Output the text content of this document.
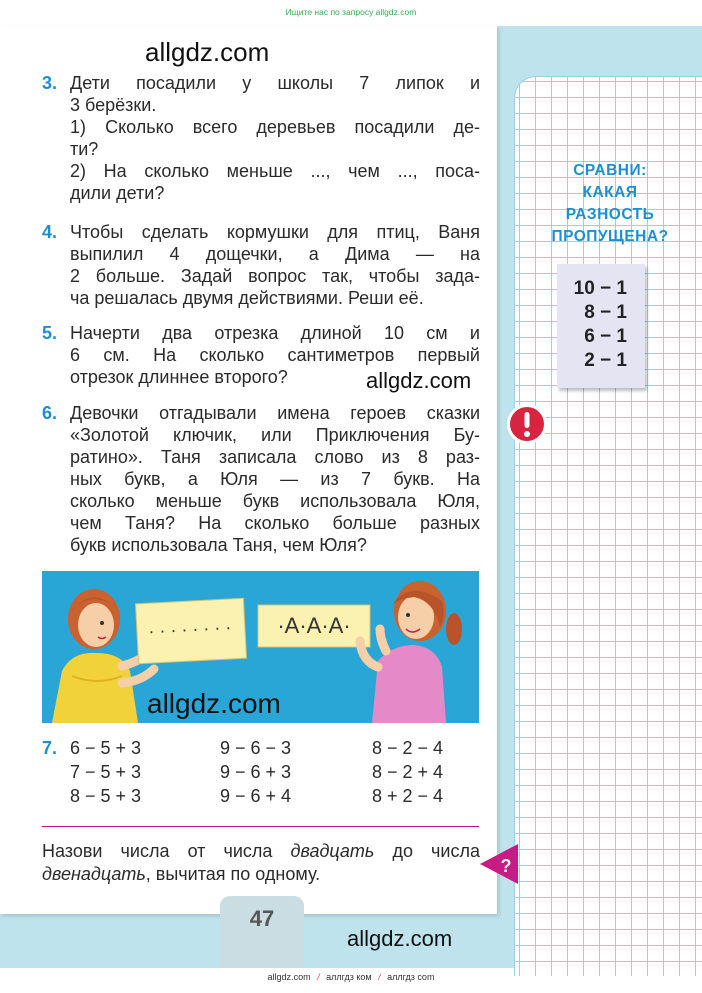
Ищите нас по запросу allgdz.com
3. Дети посадили у школы 7 липок и
3 берёзки.
1) Сколько всего деревьев посадили де-
ти?
2) На сколько меньше ..., чем ..., поса-
дили дети?
4. Чтобы сделать кормушки для птиц, Ваня
выпилил 4 дощечки, а Дима — на
2 больше. Задай вопрос так, чтобы зада-
ча решалась двумя действиями. Реши её.
5. Начерти два отрезка длиной 10 см и
6 см. На сколько сантиметров первый
отрезок длиннее второго?
6. Девочки отгадывали имена героев сказки
«Золотой ключик, или Приключения Бу-
ратино». Таня записала слово из 8 раз-
ных букв, а Юля — из 7 букв. На
сколько меньше букв использовала Юля,
чем Таня? На сколько больше разных
букв использовала Таня, чем Юля?
· · · · · · · · ·А·А·А·
7. 6 − 5 + 3
7 − 5 + 3
8 − 5 + 3
9 − 6 − 3
9 − 6 + 3
9 − 6 + 4
8 − 2 − 4
8 − 2 + 4
8 + 2 − 4
Назови числа от числа двадцать до числа
двенадцать, вычитая по одному.	?
СРАВНИ:
КАКАЯ
РАЗНОСТЬ
ПРОПУЩЕНА?
10 − 1
8 − 1
6 − 1
2 − 1
47
allgdz.com
allgdz.com
allgdz.com
allgdz.com
allgdz.com / аллгдз ком / аллгдз com
